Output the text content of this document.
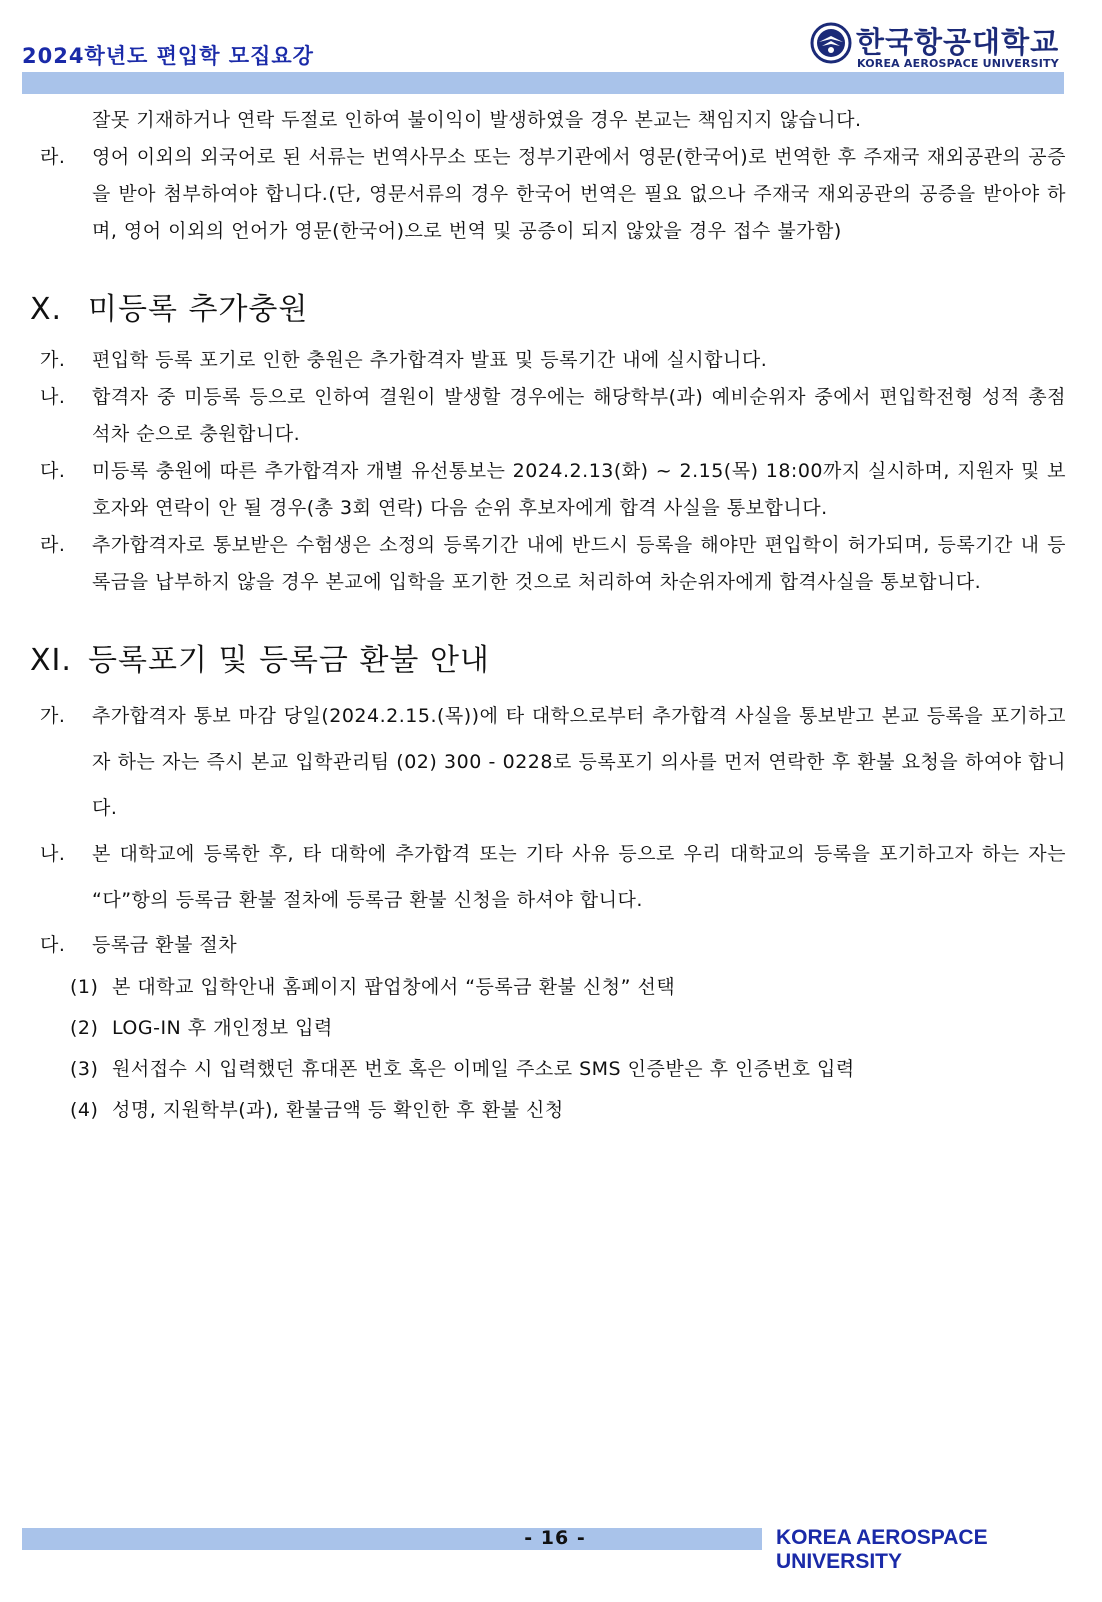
2024학년도 편입학 모집요강	한국항공대학교
KOREA AEROSPACE UNIVERSITY
잘못 기재하거나 연락 두절로 인하여 불이익이 발생하였을 경우 본교는 책임지지 않습니다.
라. 영어 이외의 외국어로 된 서류는 번역사무소 또는 정부기관에서 영문(한국어)로 번역한 후 주재국 재외공관의 공증을 받아 첨부하여야 합니다.(단, 영문서류의 경우 한국어 번역은 필요 없으나 주재국 재외공관의 공증을 받아야 하며, 영어 이외의 언어가 영문(한국어)으로 번역 및 공증이 되지 않았을 경우 접수 불가함)
Ⅹ. 미등록 추가충원
가. 편입학 등록 포기로 인한 충원은 추가합격자 발표 및 등록기간 내에 실시합니다.
나. 합격자 중 미등록 등으로 인하여 결원이 발생할 경우에는 해당학부(과) 예비순위자 중에서 편입학전형 성적 총점 석차 순으로 충원합니다.
다. 미등록 충원에 따른 추가합격자 개별 유선통보는 2024.2.13(화) ~ 2.15(목) 18:00까지 실시하며, 지원자 및 보호자와 연락이 안 될 경우(총 3회 연락) 다음 순위 후보자에게 합격 사실을 통보합니다.
라. 추가합격자로 통보받은 수험생은 소정의 등록기간 내에 반드시 등록을 해야만 편입학이 허가되며, 등록기간 내 등록금을 납부하지 않을 경우 본교에 입학을 포기한 것으로 처리하여 차순위자에게 합격사실을 통보합니다.
XI. 등록포기 및 등록금 환불 안내
가. 추가합격자 통보 마감 당일(2024.2.15.(목))에 타 대학으로부터 추가합격 사실을 통보받고 본교 등록을 포기하고자 하는 자는 즉시 본교 입학관리팀 (02) 300 - 0228로 등록포기 의사를 먼저 연락한 후 환불 요청을 하여야 합니다.
나. 본 대학교에 등록한 후, 타 대학에 추가합격 또는 기타 사유 등으로 우리 대학교의 등록을 포기하고자 하는 자는 “다”항의 등록금 환불 절차에 등록금 환불 신청을 하셔야 합니다.
다. 등록금 환불 절차
(1) 본 대학교 입학안내 홈페이지 팝업창에서 “등록금 환불 신청” 선택
(2) LOG-IN 후 개인정보 입력
(3) 원서접수 시 입력했던 휴대폰 번호 혹은 이메일 주소로 SMS 인증받은 후 인증번호 입력
(4) 성명, 지원학부(과), 환불금액 등 확인한 후 환불 신청
- 16 -	KOREA AEROSPACE UNIVERSITY
